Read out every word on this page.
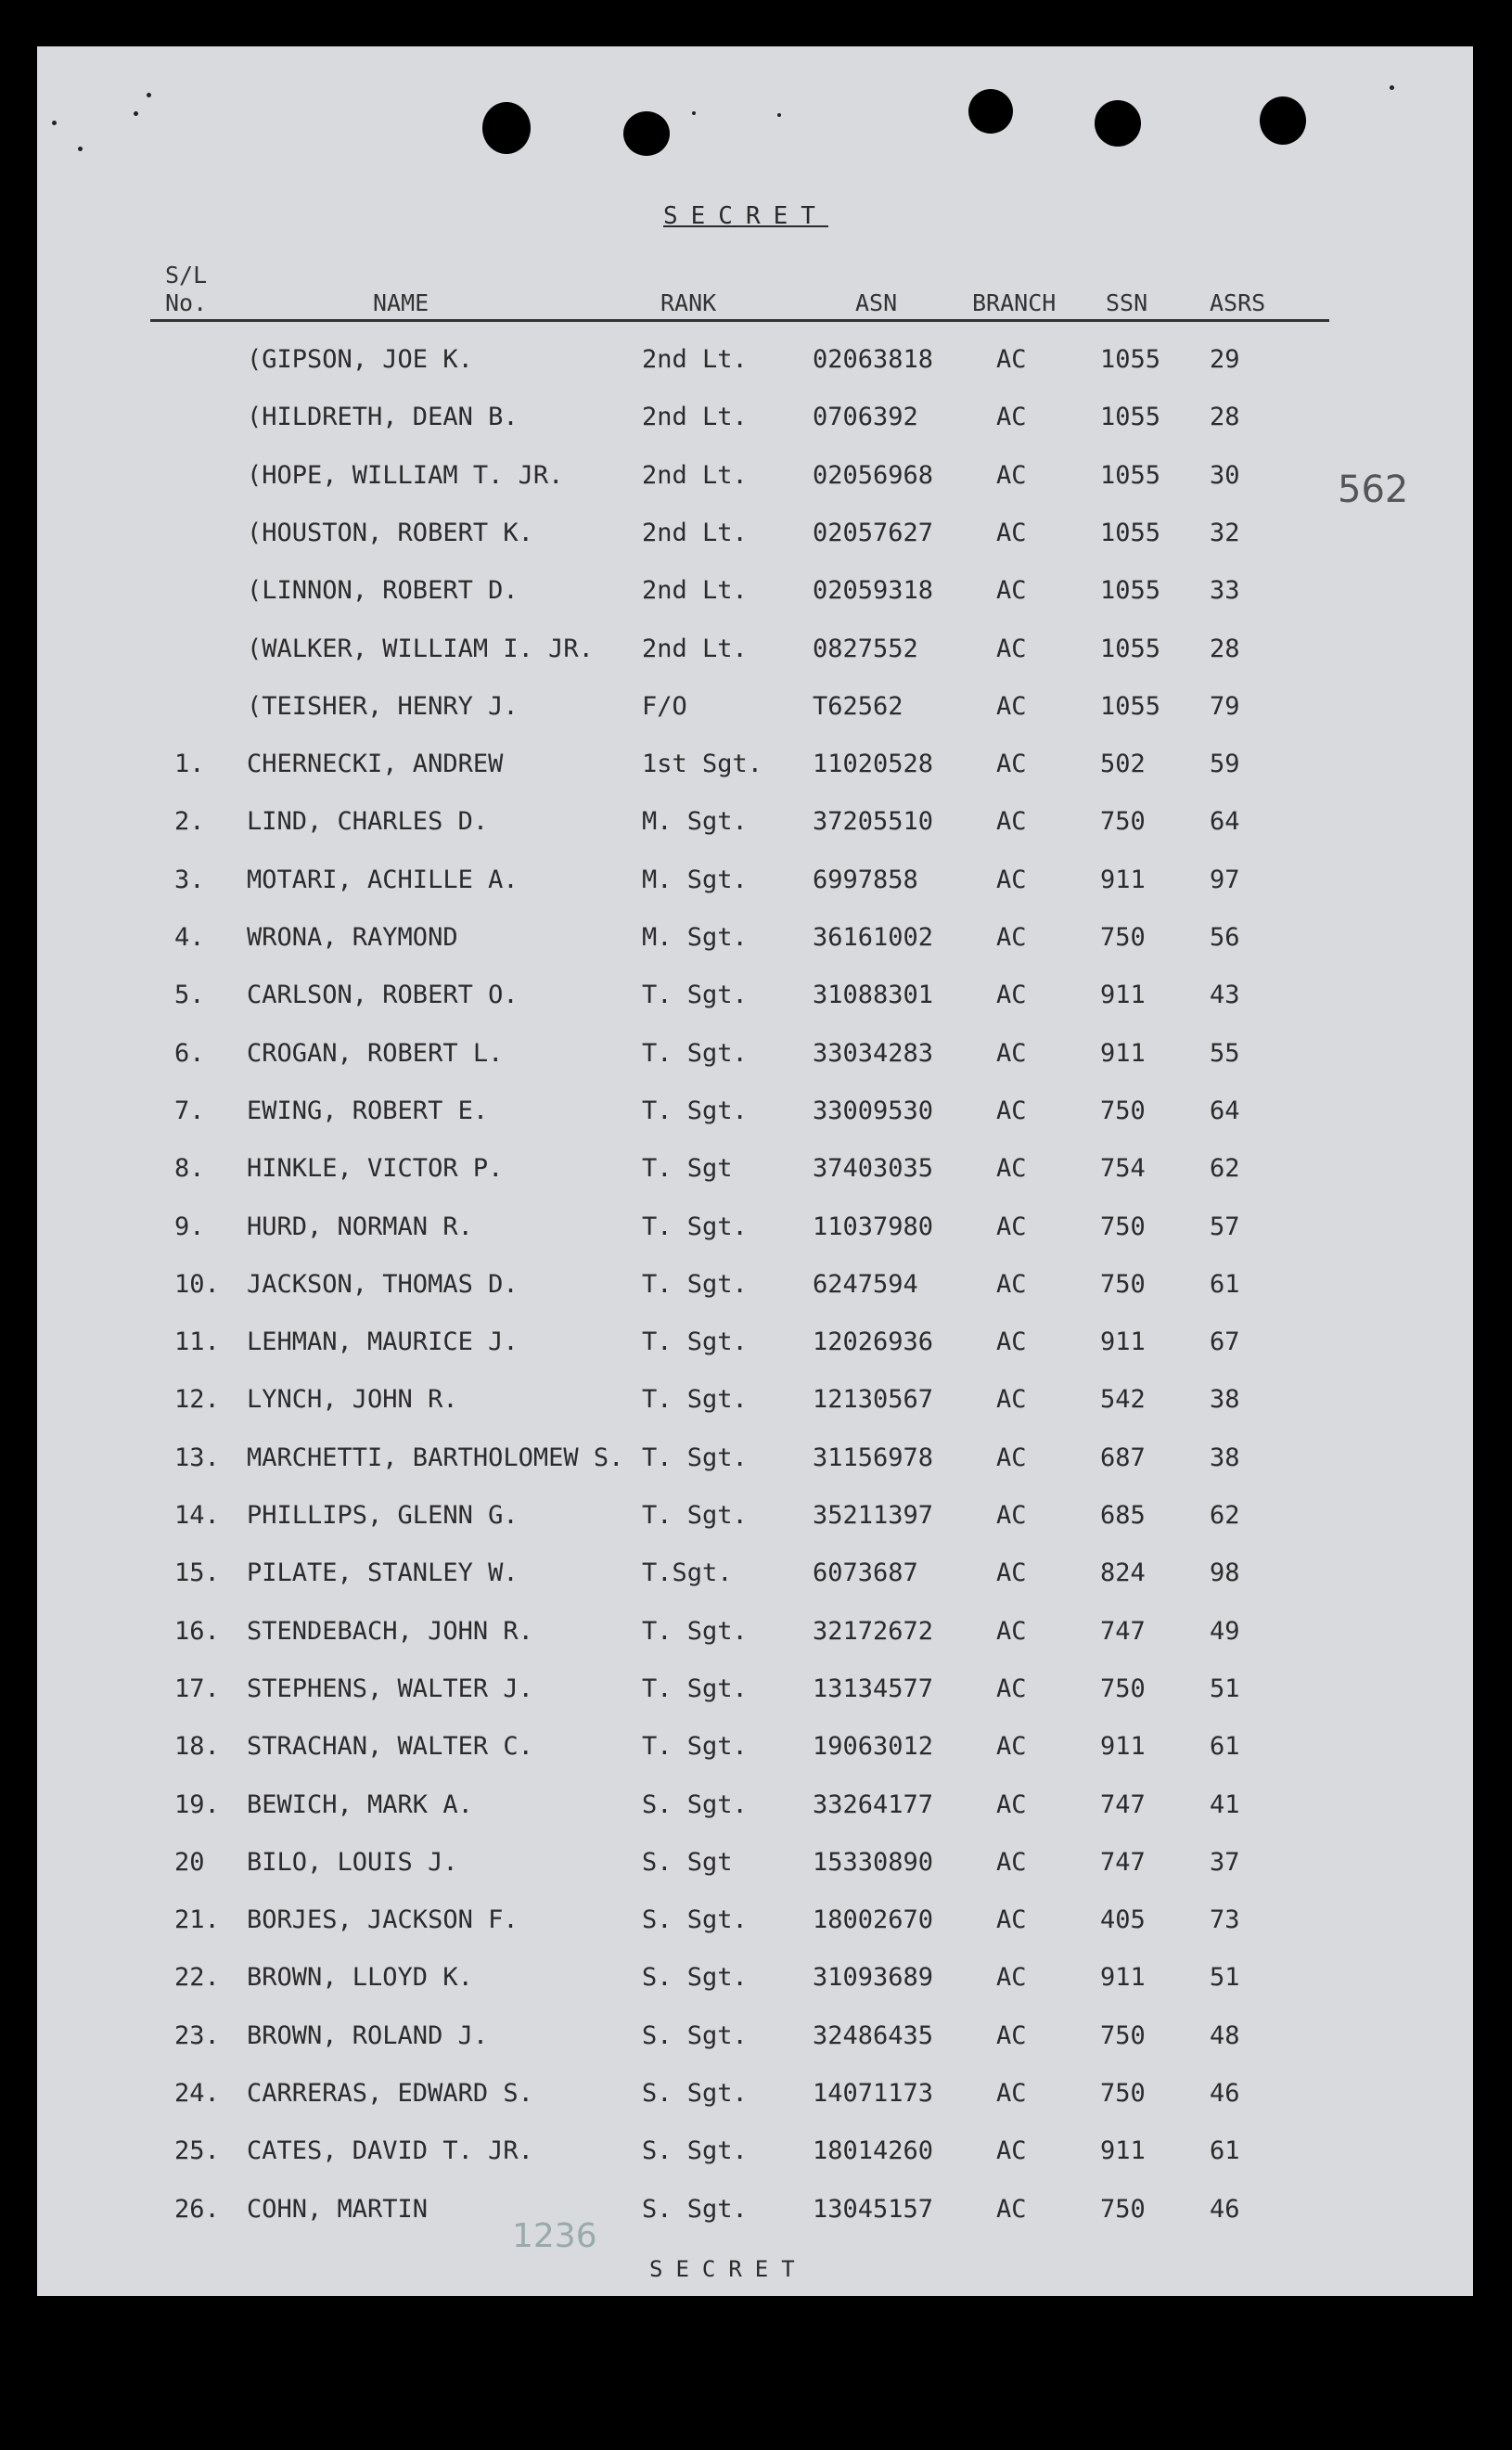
SECRET
S/L
No.	NAME	RANK	ASN	BRANCH SSN	ASRS
(GIPSON, JOE K.	2nd Lt.	02063818	AC	1055 29
(HILDRETH, DEAN B.	2nd Lt.	0706392	AC	1055 28
(HOPE, WILLIAM T. JR.	2nd Lt.	02056968	AC	1055 30
(HOUSTON, ROBERT K.	2nd Lt.	02057627	AC	1055 32
(LINNON, ROBERT D.	2nd Lt.	02059318	AC	1055 33
(WALKER, WILLIAM I. JR. 2nd Lt.	0827552	AC	1055 28
(TEISHER, HENRY J.	F/O	T62562	AC	1055 79
1. CHERNECKI, ANDREW	1st Sgt. 11020528	AC	502	59
2. LIND, CHARLES D.	M. Sgt.	37205510	AC	750	64
3. MOTARI, ACHILLE A.	M. Sgt.	6997858	AC	911	97
4. WRONA, RAYMOND	M. Sgt.	36161002	AC	750	56
5. CARLSON, ROBERT O.	T. Sgt.	31088301	AC	911	43
6. CROGAN, ROBERT L.	T. Sgt.	33034283	AC	911	55
7. EWING, ROBERT E.	T. Sgt.	33009530	AC	750	64
8. HINKLE, VICTOR P.	T. Sgt	37403035	AC	754	62
9. HURD, NORMAN R.	T. Sgt.	11037980	AC	750	57
10. JACKSON, THOMAS D.	T. Sgt.	6247594	AC	750	61
11. LEHMAN, MAURICE J.	T. Sgt.	12026936	AC	911	67
12. LYNCH, JOHN R.	T. Sgt.	12130567	AC	542	38
13. MARCHETTI, BARTHOLOMEW S. T. Sgt.	31156978	AC	687	38
14. PHILLIPS, GLENN G.	T. Sgt.	35211397	AC	685	62
15. PILATE, STANLEY W.	T.Sgt.	6073687	AC	824	98
16. STENDEBACH, JOHN R.	T. Sgt.	32172672	AC	747	49
17. STEPHENS, WALTER J.	T. Sgt.	13134577	AC	750	51
18. STRACHAN, WALTER C.	T. Sgt.	19063012	AC	911	61
19. BEWICH, MARK A.	S. Sgt.	33264177	AC	747	41
20 BILO, LOUIS J.	S. Sgt	15330890	AC	747	37
21. BORJES, JACKSON F.	S. Sgt.	18002670	AC	405	73
22. BROWN, LLOYD K.	S. Sgt.	31093689	AC	911	51
23. BROWN, ROLAND J.	S. Sgt.	32486435	AC	750	48
24. CARRERAS, EDWARD S.	S. Sgt.	14071173	AC	750	46
25. CATES, DAVID T. JR.	S. Sgt.	18014260	AC	911	61
26. COHN, MARTIN	S. Sgt.	13045157	AC	750	46
562
1236
SECRET
